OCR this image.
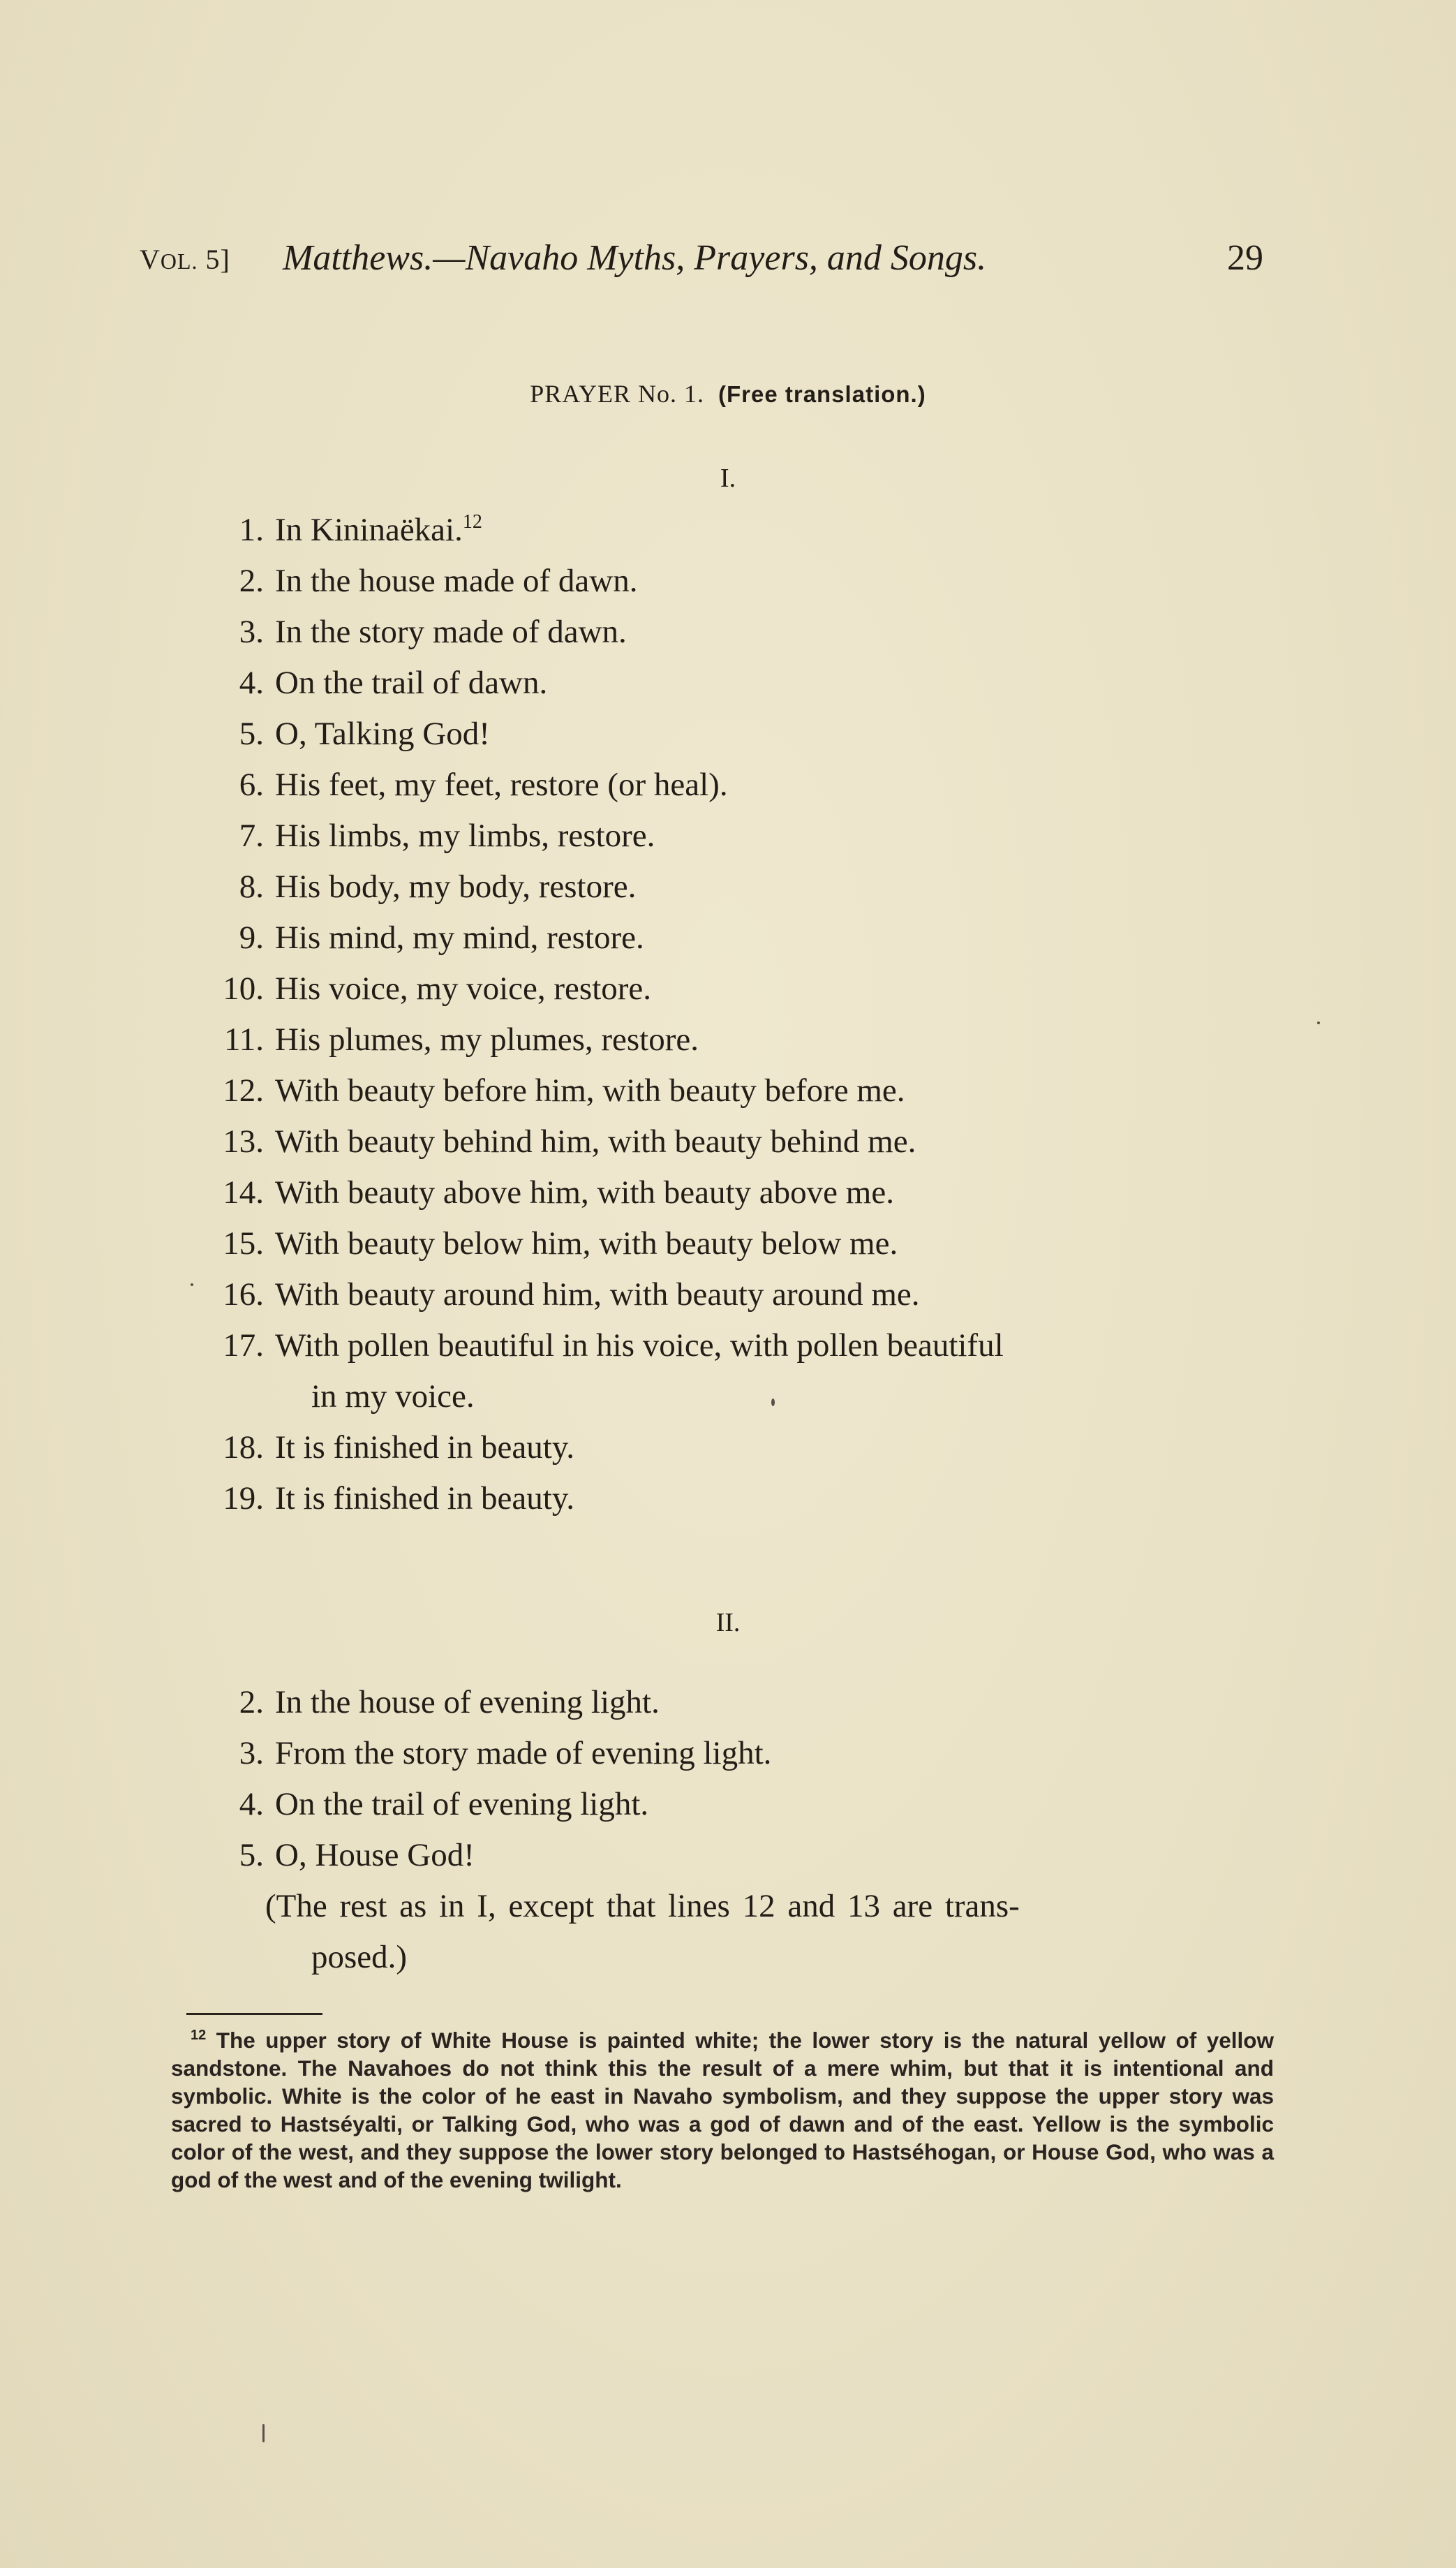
VOL. 5] Matthews.—Navaho Myths, Prayers, and Songs.	29
PRAYER No. 1. (Free translation.)
I.
1. In Kininaëkai.$^{12}$
2. In the house made of dawn.
3. In the story made of dawn.
4. On the trail of dawn.
5. O, Talking God!
6. His feet, my feet, restore (or heal).
7. His limbs, my limbs, restore.
8. His body, my body, restore.
9. His mind, my mind, restore.
10. His voice, my voice, restore.
11. His plumes, my plumes, restore.
12. With beauty before him, with beauty before me.
13. With beauty behind him, with beauty behind me.
14. With beauty above him, with beauty above me.
15. With beauty below him, with beauty below me.
16. With beauty around him, with beauty around me.
17. With pollen beautiful in his voice, with pollen beautiful
in my voice.
18. It is finished in beauty.
19. It is finished in beauty.
II.
2. In the house of evening light.
3. From the story made of evening light.
4. On the trail of evening light.
5. O, House God!
(The rest as in I, except that lines 12 and 13 are trans-
posed.)
$^{12}$ The upper story of White House is painted white; the lower story is the natural yellow of yellow sandstone. The Navahoes do not think this the result of a mere whim, but that it is intentional and symbolic. White is the color of he east in Navaho symbolism, and they suppose the upper story was sacred to Hastséyalti, or Talking God, who was a god of dawn and of the east. Yellow is the symbolic color of the west, and they suppose the lower story belonged to Hastséhogan, or House God, who was a god of the west and of the evening twilight.
